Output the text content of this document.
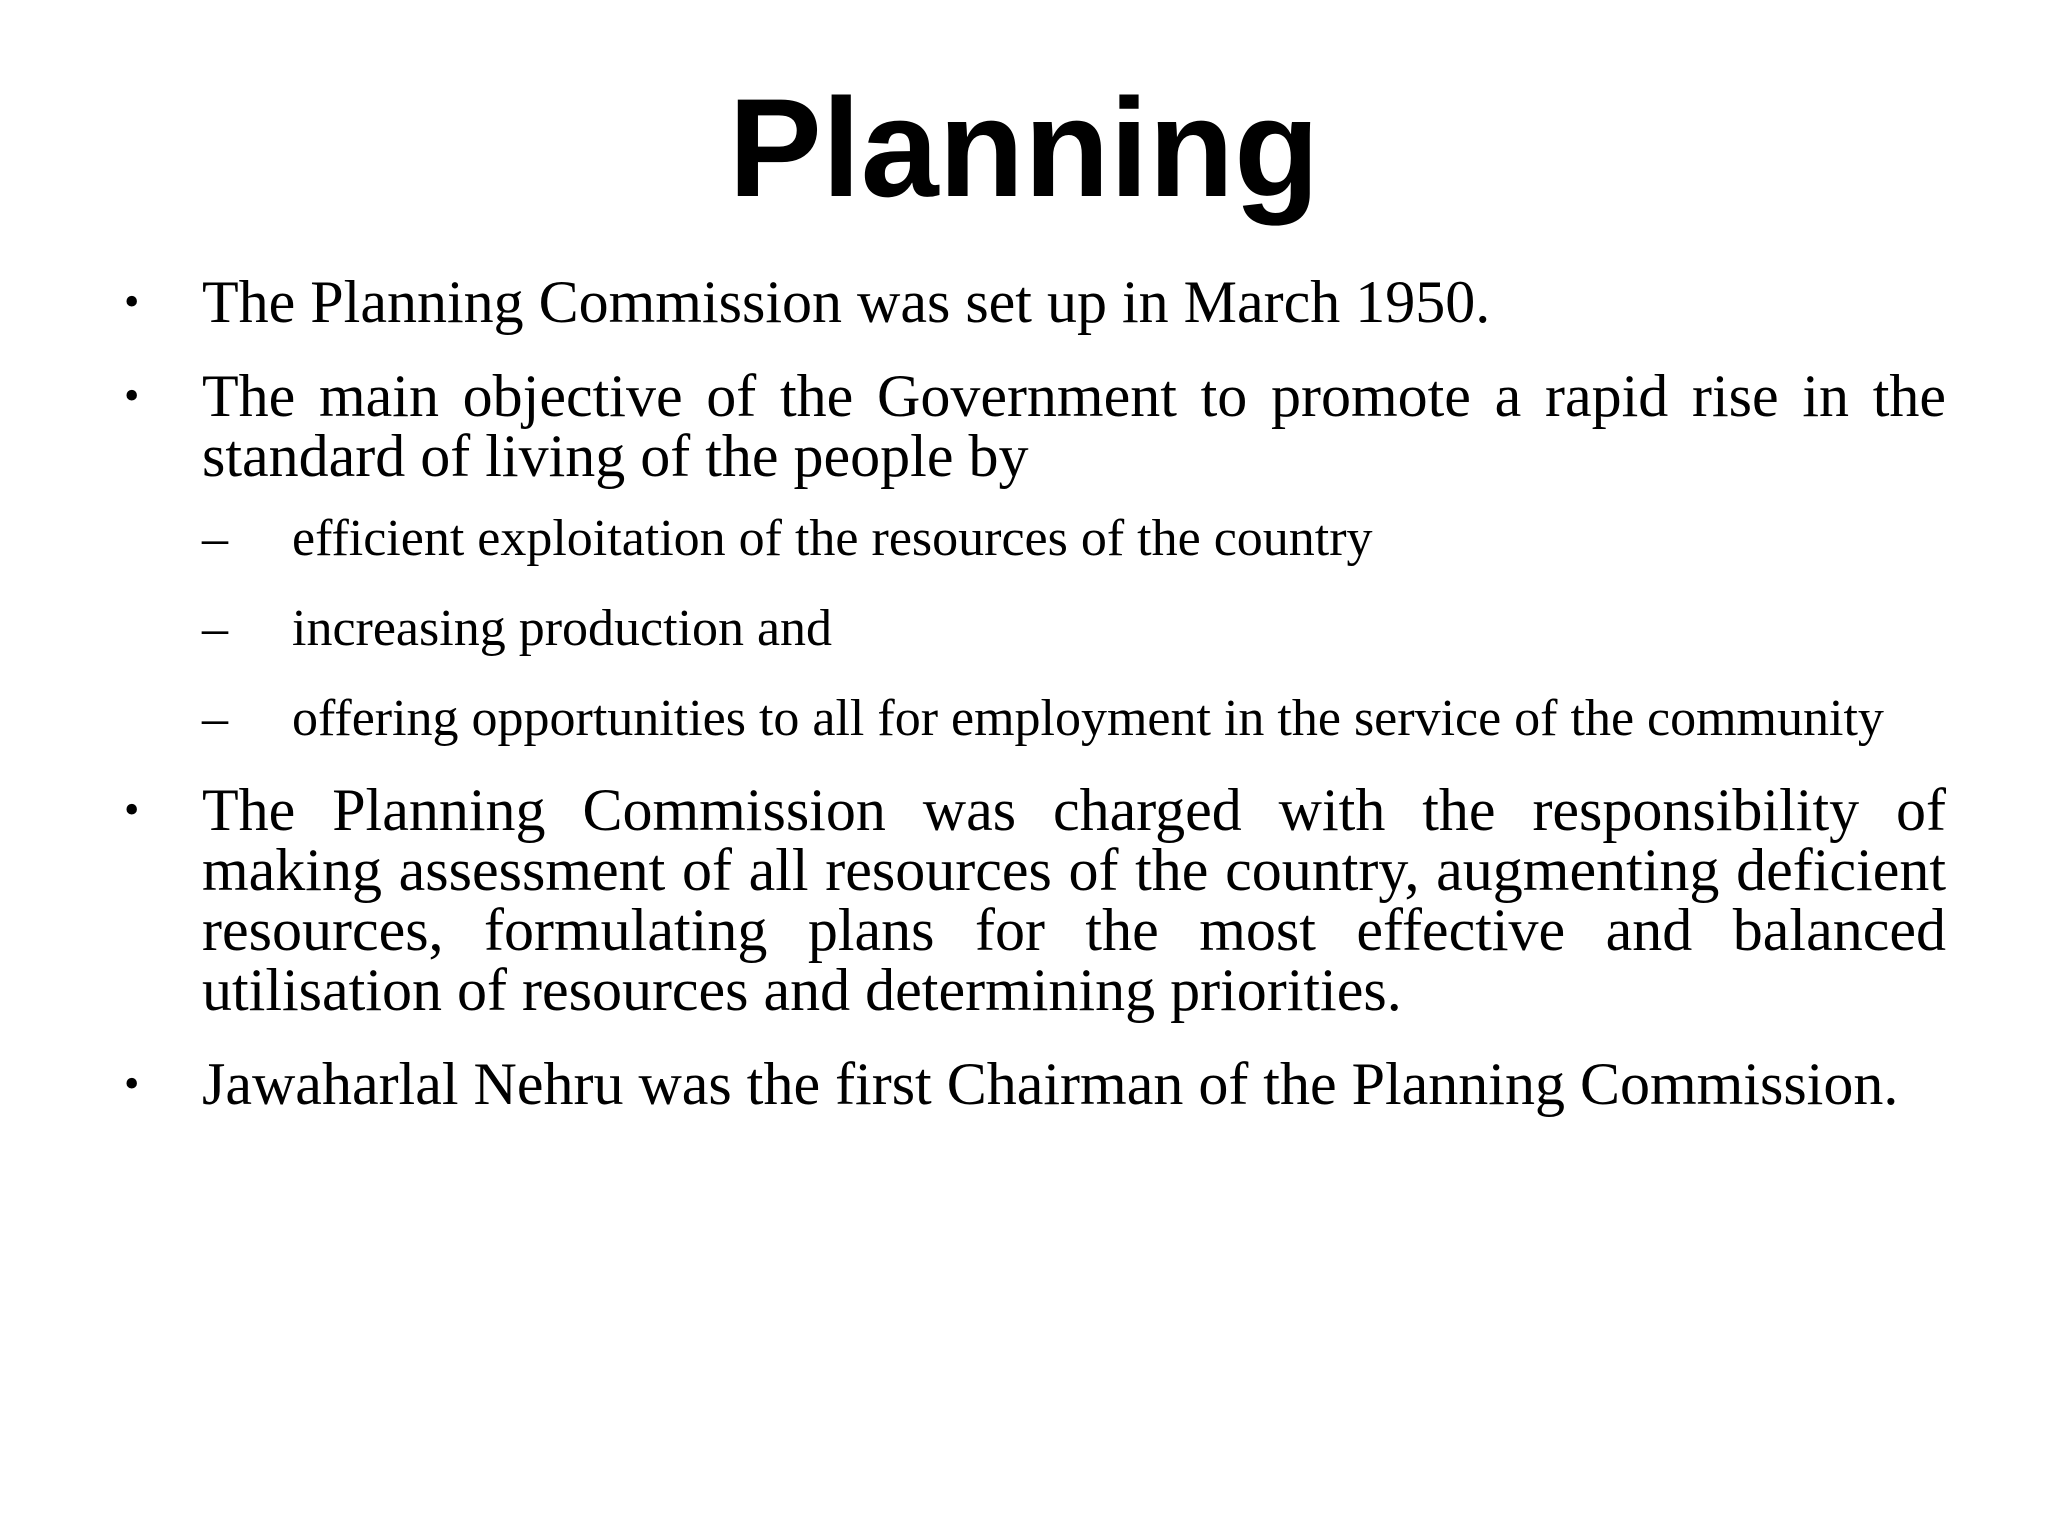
Planning
•	The Planning Commission was set up in March 1950.
•	The main objective of the Government to promote a rapid rise in the standard of living of the people by
–	efficient exploitation of the resources of the country
–	increasing production and
–	offering opportunities to all for employment in the service of the community
•	The Planning Commission was charged with the responsibility of making assessment of all resources of the country, augmenting deficient resources, formulating plans for the most effective and balanced utilisation of resources and determining priorities.
•	Jawaharlal Nehru was the first Chairman of the Planning Commission.
